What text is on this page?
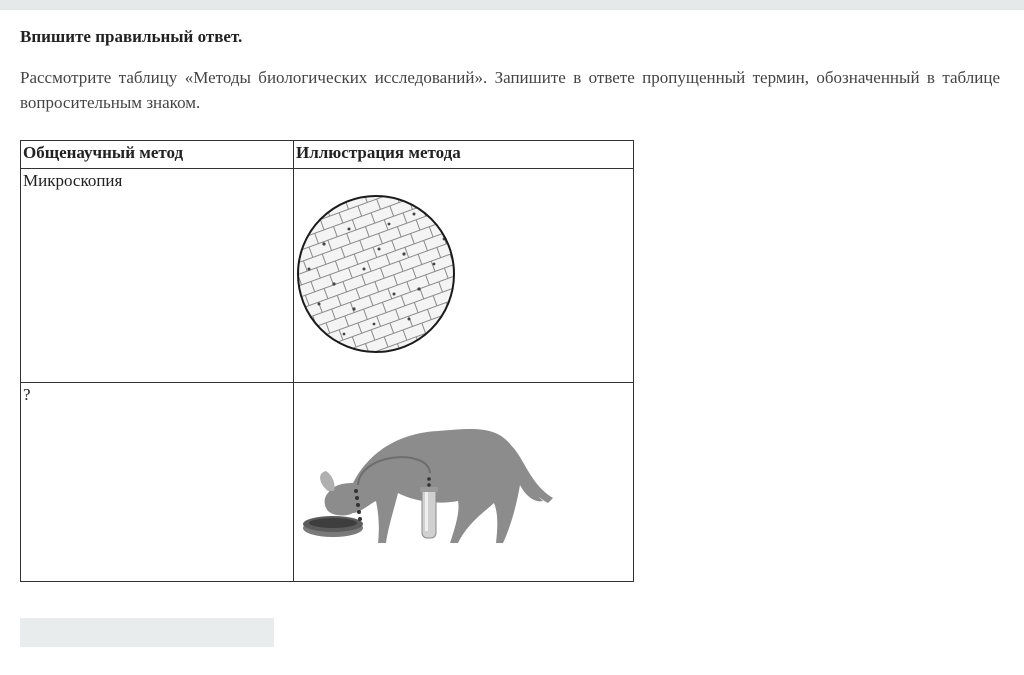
Впишите правильный ответ.
Рассмотрите таблицу «Методы биологических исследований». Запишите в ответе пропущенный термин, обозначенный в таблице вопросительным знаком.
Общенаучный метод	Иллюстрация метода
Микроскопия	

?	
